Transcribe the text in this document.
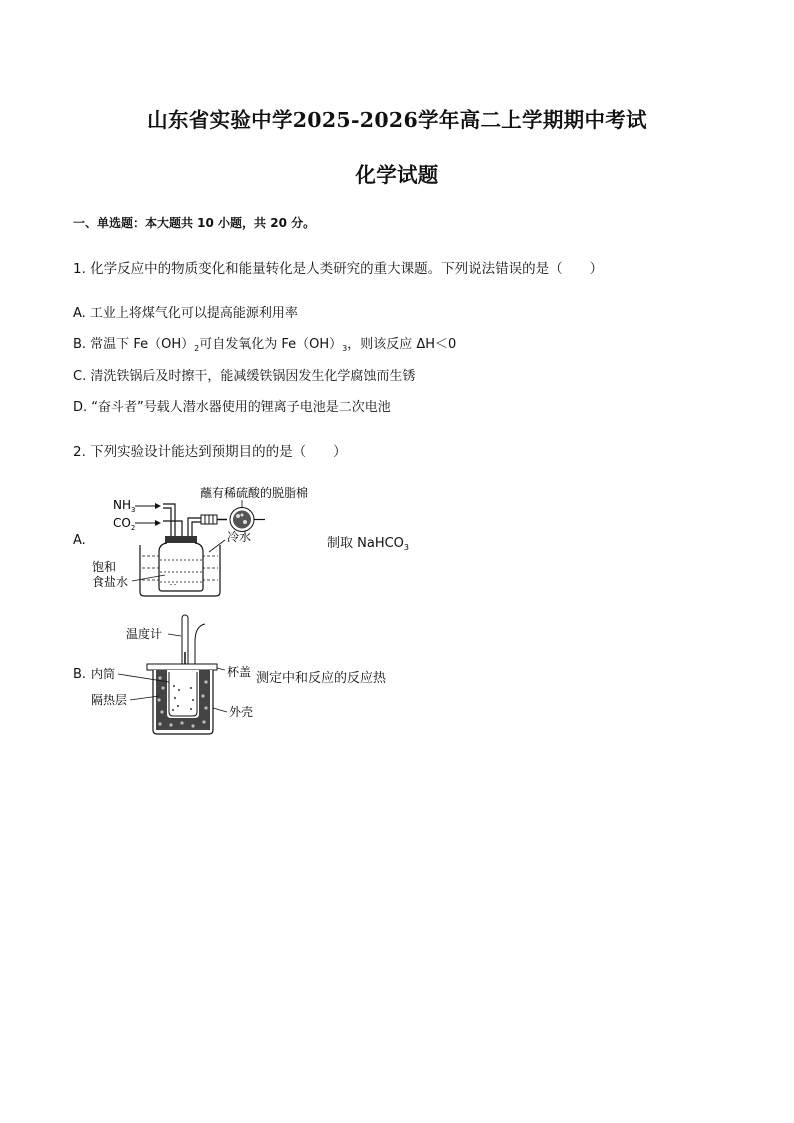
山东省实验中学2025-2026学年高二上学期期中考试
化学试题
一、单选题：本大题共 10 小题，共 20 分。
1. 化学反应中的物质变化和能量转化是人类研究的重大课题。下列说法错误的是（　　）
A. 工业上将煤气化可以提高能源利用率
B. 常温下 $Fe(OH)_2$可自发氧化为 $Fe(OH)_3$，则该反应 ΔH＜0
C. 清洗铁锅后及时擦干，能减缓铁锅因发生化学腐蚀而生锈
D. “奋斗者”号载人潜水器使用的锂离子电池是二次电池
2. 下列实验设计能达到预期目的的是（　　）
A.	制取 NaHCO$_3$
$NH_3$
$CO_2$
蘸有稀硫酸的脱脂棉
冷水
饱和
食盐水
B.	测定中和反应的反应热
温度计
杯盖
内筒
隔热层
外壳
